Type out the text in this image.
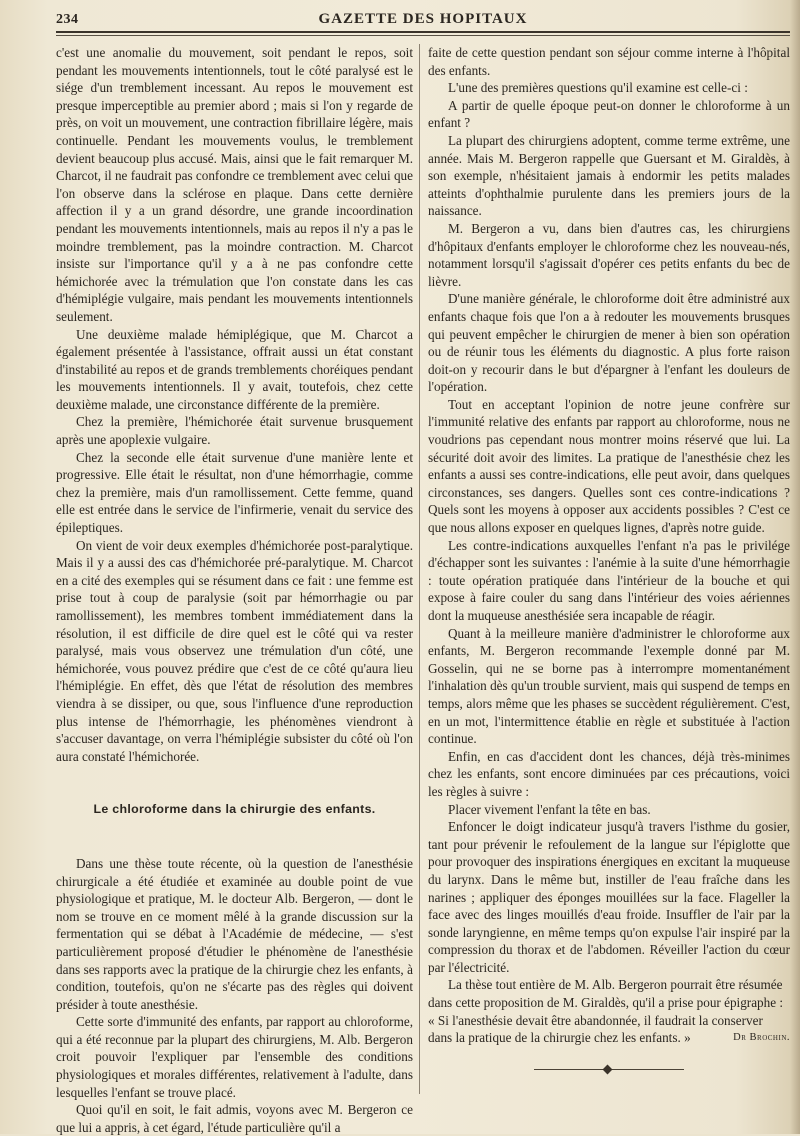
234	GAZETTE DES HOPITAUX

c'est une anomalie du mouvement, soit pendant le repos, soit pendant les mouvements intentionnels, tout le côté paralysé est le siége d'un tremblement incessant. Au repos le mouvement est presque imperceptible au premier abord ; mais si l'on y regarde de près, on voit un mouvement, une contraction fibrillaire légère, mais continuelle. Pendant les mouvements voulus, le tremblement devient beaucoup plus accusé. Mais, ainsi que le fait remarquer M. Charcot, il ne faudrait pas confondre ce tremblement avec celui que l'on observe dans la sclérose en plaque. Dans cette dernière affection il y a un grand désordre, une grande incoordination pendant les mouvements intentionnels, mais au repos il n'y a pas le moindre tremblement, pas la moindre contraction. M. Charcot insiste sur l'importance qu'il y a à ne pas confondre cette hémichorée avec la trémulation que l'on constate dans les cas d'hémiplégie vulgaire, mais pendant les mouvements intentionnels seulement.

Une deuxième malade hémiplégique, que M. Charcot a également présentée à l'assistance, offrait aussi un état constant d'instabilité au repos et de grands tremblements choréiques pendant les mouvements intentionnels. Il y avait, toutefois, chez cette deuxième malade, une circonstance différente de la première.

Chez la première, l'hémichorée était survenue brusquement après une apoplexie vulgaire.

Chez la seconde elle était survenue d'une manière lente et progressive. Elle était le résultat, non d'une hémorrhagie, comme chez la première, mais d'un ramollissement. Cette femme, quand elle est entrée dans le service de l'infirmerie, venait du service des épileptiques.

On vient de voir deux exemples d'hémichorée post-paralytique. Mais il y a aussi des cas d'hémichorée pré-paralytique. M. Charcot en a cité des exemples qui se résument dans ce fait : une femme est prise tout à coup de paralysie (soit par hémorrhagie ou par ramollissement), les membres tombent immédiatement dans la résolution, il est difficile de dire quel est le côté qui va rester paralysé, mais vous observez une trémulation d'un côté, une hémichorée, vous pouvez prédire que c'est de ce côté qu'aura lieu l'hémiplégie. En effet, dès que l'état de résolution des membres viendra à se dissiper, ou que, sous l'influence d'une reproduction plus intense de l'hémorrhagie, les phénomènes viendront à s'accuser davantage, on verra l'hémiplégie subsister du côté où l'on aura constaté l'hémichorée.

Le chloroforme dans la chirurgie des enfants.

Dans une thèse toute récente, où la question de l'anesthésie chirurgicale a été étudiée et examinée au double point de vue physiologique et pratique, M. le docteur Alb. Bergeron, — dont le nom se trouve en ce moment mêlé à la grande discussion sur la fermentation qui se débat à l'Académie de médecine, — s'est particulièrement proposé d'étudier le phénomène de l'anesthésie dans ses rapports avec la pratique de la chirurgie chez les enfants, à condition, toutefois, qu'on ne s'écarte pas des règles qui doivent présider à toute anesthésie.

Cette sorte d'immunité des enfants, par rapport au chloroforme, qui a été reconnue par la plupart des chirurgiens, M. Alb. Bergeron croit pouvoir l'expliquer par l'ensemble des conditions physiologiques et morales différentes, relativement à l'adulte, dans lesquelles l'enfant se trouve placé.

Quoi qu'il en soit, le fait admis, voyons avec M. Bergeron ce que lui a appris, à cet égard, l'étude particulière qu'il a

faite de cette question pendant son séjour comme interne à l'hôpital des enfants.

L'une des premières questions qu'il examine est celle-ci :

A partir de quelle époque peut-on donner le chloroforme à un enfant ?

La plupart des chirurgiens adoptent, comme terme extrême, une année. Mais M. Bergeron rappelle que Guersant et M. Giraldès, à son exemple, n'hésitaient jamais à endormir les petits malades atteints d'ophthalmie purulente dans les premiers jours de la naissance.

M. Bergeron a vu, dans bien d'autres cas, les chirurgiens d'hôpitaux d'enfants employer le chloroforme chez les nouveau-nés, notamment lorsqu'il s'agissait d'opérer ces petits enfants du bec de lièvre.

D'une manière générale, le chloroforme doit être administré aux enfants chaque fois que l'on a à redouter les mouvements brusques qui peuvent empêcher le chirurgien de mener à bien son opération ou de réunir tous les éléments du diagnostic. A plus forte raison doit-on y recourir dans le but d'épargner à l'enfant les douleurs de l'opération.

Tout en acceptant l'opinion de notre jeune confrère sur l'immunité relative des enfants par rapport au chloroforme, nous ne voudrions pas cependant nous montrer moins réservé que lui. La sécurité doit avoir des limites. La pratique de l'anesthésie chez les enfants a aussi ses contre-indications, elle peut avoir, dans quelques circonstances, ses dangers. Quelles sont ces contre-indications ? Quels sont les moyens à opposer aux accidents possibles ? C'est ce que nous allons exposer en quelques lignes, d'après notre guide.

Les contre-indications auxquelles l'enfant n'a pas le privilége d'échapper sont les suivantes : l'anémie à la suite d'une hémorrhagie : toute opération pratiquée dans l'intérieur de la bouche et qui expose à faire couler du sang dans l'intérieur des voies aériennes dont la muqueuse anesthésiée sera incapable de réagir.

Quant à la meilleure manière d'administrer le chloroforme aux enfants, M. Bergeron recommande l'exemple donné par M. Gosselin, qui ne se borne pas à interrompre momentanément l'inhalation dès qu'un trouble survient, mais qui suspend de temps en temps, alors même que les phases se succèdent régulièrement. C'est, en un mot, l'intermittence établie en règle et substituée à l'action continue.

Enfin, en cas d'accident dont les chances, déjà très-minimes chez les enfants, sont encore diminuées par ces précautions, voici les règles à suivre :

Placer vivement l'enfant la tête en bas.

Enfoncer le doigt indicateur jusqu'à travers l'isthme du gosier, tant pour prévenir le refoulement de la langue sur l'épiglotte que pour provoquer des inspirations énergiques en excitant la muqueuse du larynx. Dans le même but, instiller de l'eau fraîche dans les narines ; appliquer des éponges mouillées sur la face. Flageller la face avec des linges mouillés d'eau froide. Insuffler de l'air par la sonde laryngienne, en même temps qu'on expulse l'air inspiré par la compression du thorax et de l'abdomen. Réveiller l'action du cœur par l'électricité.

La thèse tout entière de M. Alb. Bergeron pourrait être résumée dans cette proposition de M. Giraldès, qu'il a prise pour épigraphe : « Si l'anesthésie devait être abandonnée, il faudrait la conserver dans la pratique de la chirurgie chez les enfants. »	Dr Brochin.
